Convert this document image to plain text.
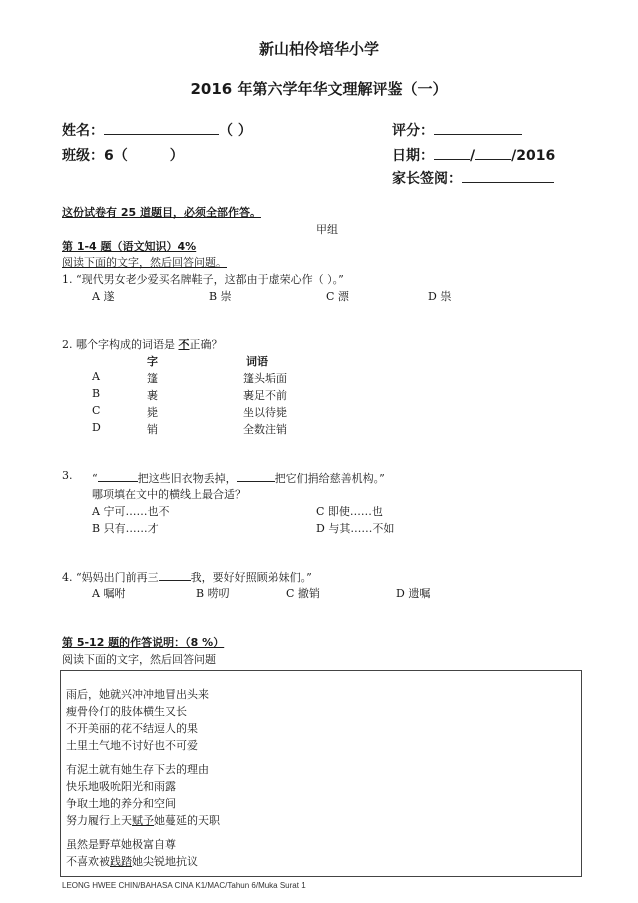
新山柏伶培华小学
2016 年第六学年华文理解评鉴（一）
姓名：	（ ）
班级：6（	）
评分：
日期：	/	/2016
家长签阅：
这份试卷有 25 道题目，必须全部作答。
甲组
第 1-4 题（语文知识）4%
阅读下面的文字，然后回答问题。
1. “现代男女老少爱买名牌鞋子，这都由于虚荣心作（ ）。”
A 遂	B 崇	C 漂	D 祟
2. 哪个字构成的词语是 不正确？
字	词语
A	篷	篷头垢面
B	裹	裹足不前
C	毙	坐以待毙
D	销	全数注销
3. “	把这些旧衣物丢掉，	把它们捐给慈善机构。”
哪项填在文中的横线上最合适？
A 宁可……也不	C 即使……也
B 只有……才	D 与其……不如
4. “妈妈出门前再三	我，要好好照顾弟妹们。”
A 嘱咐	B 唠叨	C 撤销	D 遗嘱
第 5-12 题的作答说明：（8 %）
阅读下面的文字，然后回答问题
雨后，她就兴冲冲地冒出头来
瘦骨伶仃的肢体横生又长
不开美丽的花不结逗人的果
土里土气地不讨好也不可爱
有泥土就有她生存下去的理由
快乐地吸吮阳光和雨露
争取土地的养分和空间
努力履行上天赋予她蔓延的天职
虽然是野草她极富自尊
不喜欢被践踏她尖锐地抗议
LEONG HWEE CHIN/BAHASA CINA K1/MAC/Tahun 6/Muka Surat 1
